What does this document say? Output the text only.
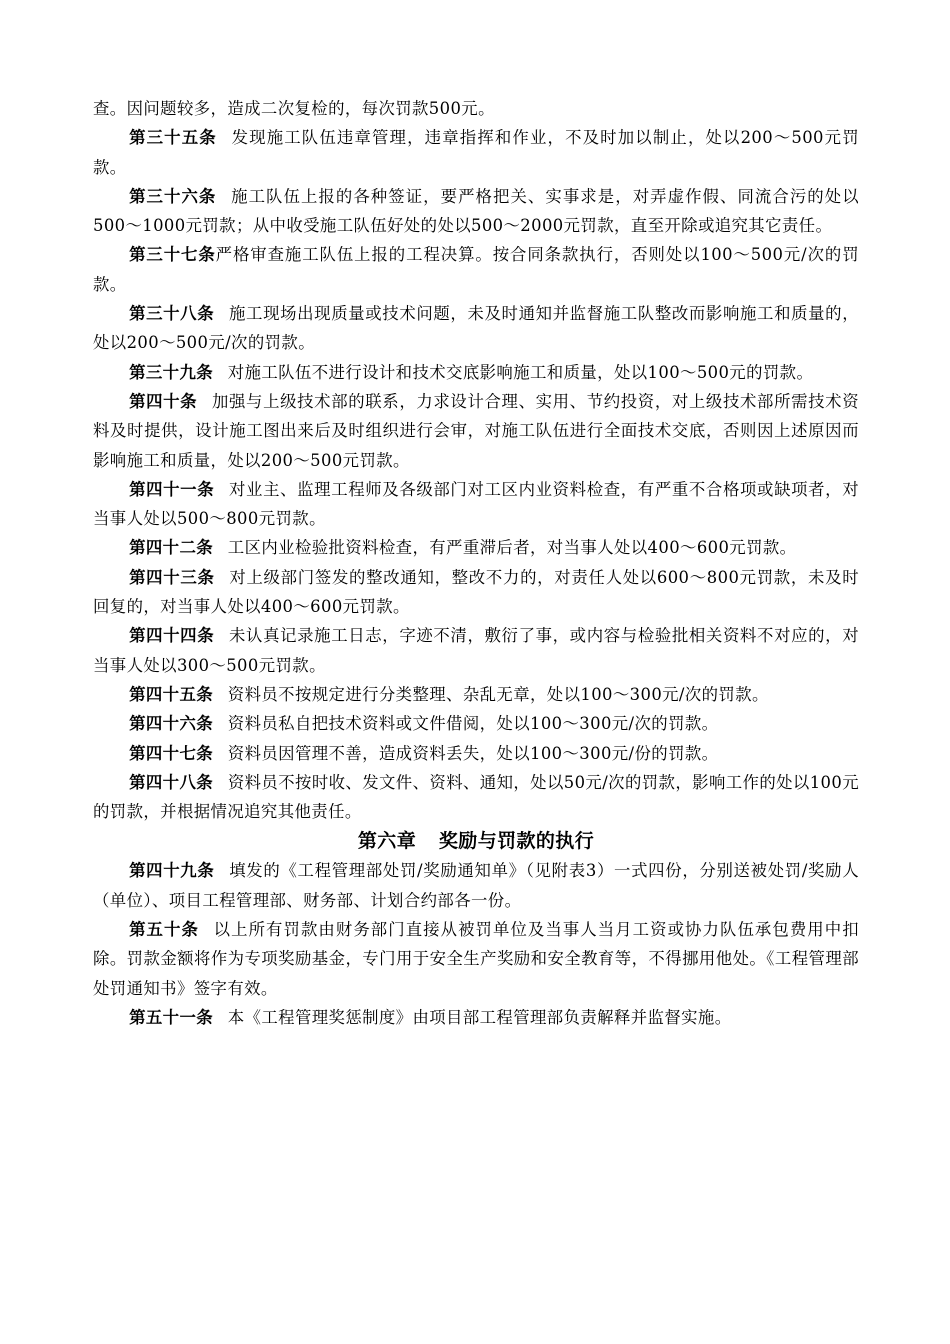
查。因问题较多，造成二次复检的，每次罚款500元。

第三十五条 发现施工队伍违章管理，违章指挥和作业，不及时加以制止，处以200～500元罚款。

第三十六条 施工队伍上报的各种签证，要严格把关、实事求是，对弄虚作假、同流合污的处以500～1000元罚款；从中收受施工队伍好处的处以500～2000元罚款，直至开除或追究其它责任。

第三十七条严格审查施工队伍上报的工程决算。按合同条款执行，否则处以100～500元/次的罚款。

第三十八条 施工现场出现质量或技术问题，未及时通知并监督施工队整改而影响施工和质量的，处以200～500元/次的罚款。

第三十九条 对施工队伍不进行设计和技术交底影响施工和质量，处以100～500元的罚款。

第四十条 加强与上级技术部的联系，力求设计合理、实用、节约投资，对上级技术部所需技术资料及时提供，设计施工图出来后及时组织进行会审，对施工队伍进行全面技术交底，否则因上述原因而影响施工和质量，处以200～500元罚款。

第四十一条 对业主、监理工程师及各级部门对工区内业资料检查，有严重不合格项或缺项者，对当事人处以500～800元罚款。

第四十二条 工区内业检验批资料检查，有严重滞后者，对当事人处以400～600元罚款。

第四十三条 对上级部门签发的整改通知，整改不力的，对责任人处以600～800元罚款，未及时回复的，对当事人处以400～600元罚款。

第四十四条 未认真记录施工日志，字迹不清，敷衍了事，或内容与检验批相关资料不对应的，对当事人处以300～500元罚款。

第四十五条 资料员不按规定进行分类整理、杂乱无章，处以100～300元/次的罚款。

第四十六条 资料员私自把技术资料或文件借阅，处以100～300元/次的罚款。

第四十七条 资料员因管理不善，造成资料丢失，处以100～300元/份的罚款。

第四十八条 资料员不按时收、发文件、资料、通知，处以50元/次的罚款，影响工作的处以100元的罚款，并根据情况追究其他责任。

第六章 奖励与罚款的执行

第四十九条 填发的《工程管理部处罚/奖励通知单》（见附表3）一式四份，分别送被处罚/奖励人（单位）、项目工程管理部、财务部、计划合约部各一份。

第五十条 以上所有罚款由财务部门直接从被罚单位及当事人当月工资或协力队伍承包费用中扣除。罚款金额将作为专项奖励基金，专门用于安全生产奖励和安全教育等，不得挪用他处。《工程管理部处罚通知书》签字有效。

第五十一条 本《工程管理奖惩制度》由项目部工程管理部负责解释并监督实施。
